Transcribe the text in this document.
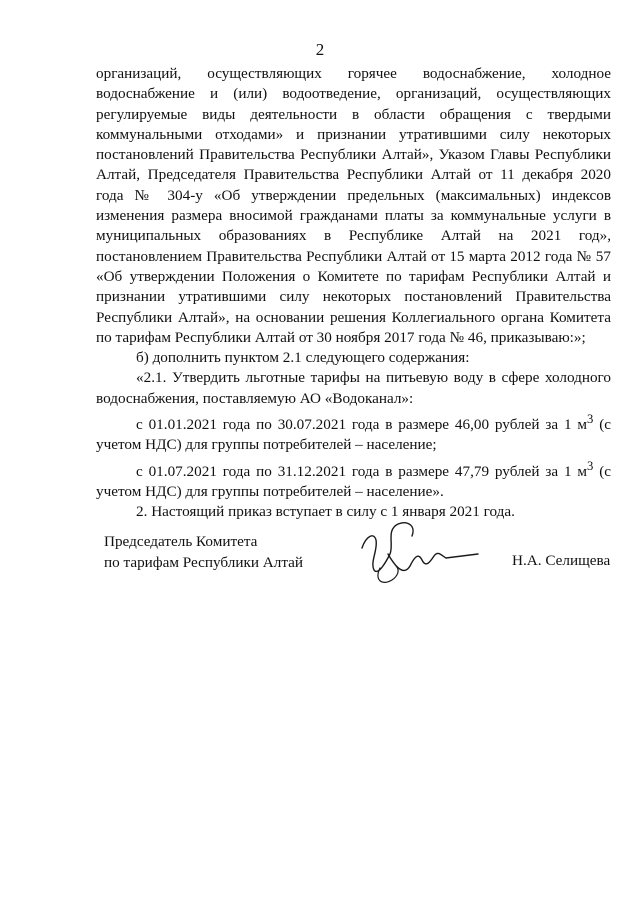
2

организаций, осуществляющих горячее водоснабжение, холодное водоснабжение и (или) водоотведение, организаций, осуществляющих регулируемые виды деятельности в области обращения с твердыми коммунальными отходами» и признании утратившими силу некоторых постановлений Правительства Республики Алтай», Указом Главы Республики Алтай, Председателя Правительства Республики Алтай от 11 декабря 2020 года № 304-у «Об утверждении предельных (максимальных) индексов изменения размера вносимой гражданами платы за коммунальные услуги в муниципальных образованиях в Республике Алтай на 2021 год», постановлением Правительства Республики Алтай от 15 марта 2012 года № 57 «Об утверждении Положения о Комитете по тарифам Республики Алтай и признании утратившими силу некоторых постановлений Правительства Республики Алтай», на основании решения Коллегиального органа Комитета по тарифам Республики Алтай от 30 ноября 2017 года № 46, приказываю:»;

б) дополнить пунктом 2.1 следующего содержания:

«2.1. Утвердить льготные тарифы на питьевую воду в сфере холодного водоснабжения, поставляемую АО «Водоканал»:

с 01.01.2021 года по 30.07.2021 года в размере 46,00 рублей за 1 $м^3$ (с учетом НДС) для группы потребителей – население;

с 01.07.2021 года по 31.12.2021 года в размере 47,79 рублей за 1 $м^3$ (с учетом НДС) для группы потребителей – население».

2. Настоящий приказ вступает в силу с 1 января 2021 года.

Председатель Комитета
по тарифам Республики Алтай	Н.А. Селищева
